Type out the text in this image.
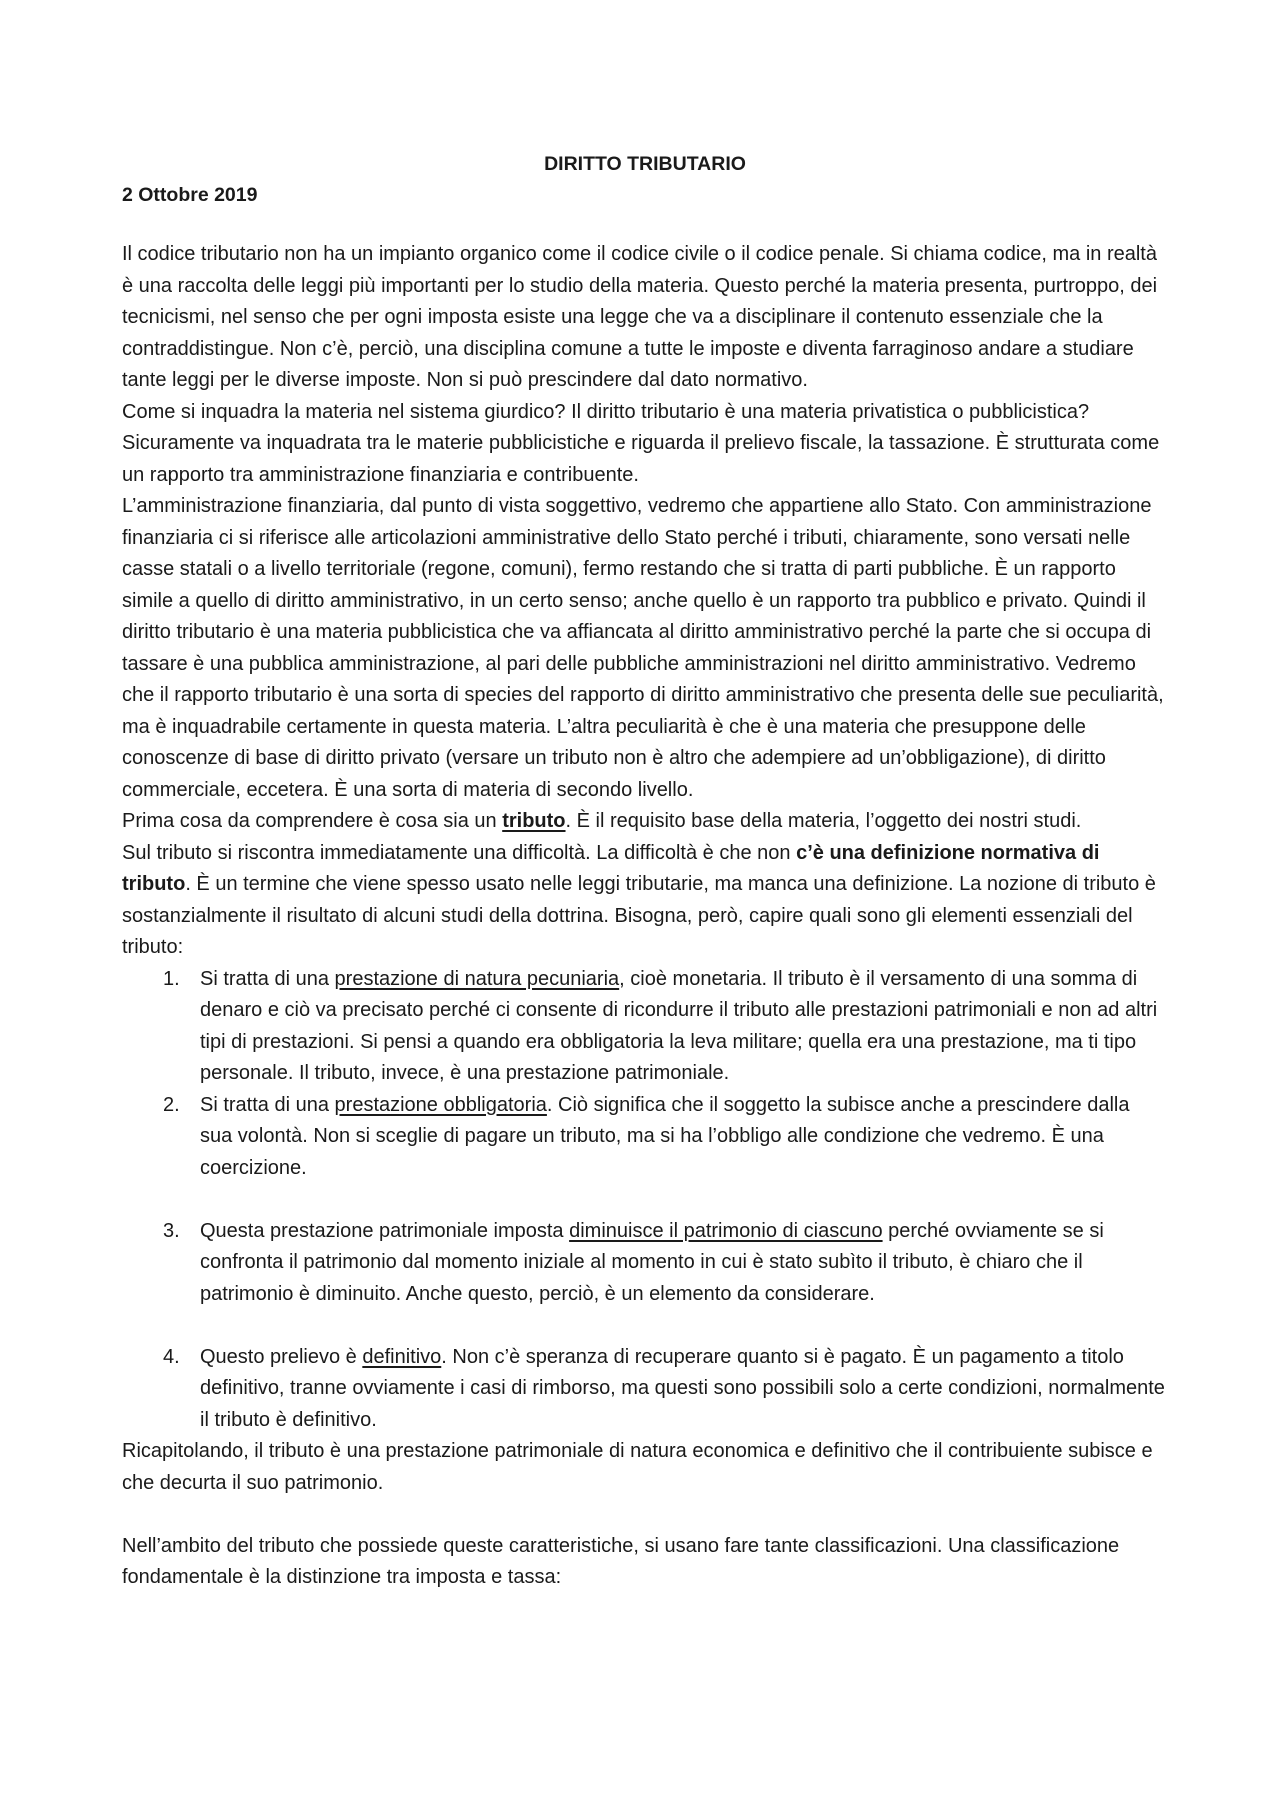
DIRITTO TRIBUTARIO
2 Ottobre 2019

Il codice tributario non ha un impianto organico come il codice civile o il codice penale. Si chiama codice, ma in realtà è una raccolta delle leggi più importanti per lo studio della materia. Questo perché la materia presenta, purtroppo, dei tecnicismi, nel senso che per ogni imposta esiste una legge che va a disciplinare il contenuto essenziale che la contraddistingue. Non c’è, perciò, una disciplina comune a tutte le imposte e diventa farraginoso andare a studiare tante leggi per le diverse imposte. Non si può prescindere dal dato normativo.

Come si inquadra la materia nel sistema giurdico? Il diritto tributario è una materia privatistica o pubblicistica? Sicuramente va inquadrata tra le materie pubblicistiche e riguarda il prelievo fiscale, la tassazione. È strutturata come un rapporto tra amministrazione finanziaria e contribuente.

L’amministrazione finanziaria, dal punto di vista soggettivo, vedremo che appartiene allo Stato. Con amministrazione finanziaria ci si riferisce alle articolazioni amministrative dello Stato perché i tributi, chiaramente, sono versati nelle casse statali o a livello territoriale (regone, comuni), fermo restando che si tratta di parti pubbliche. È un rapporto simile a quello di diritto amministrativo, in un certo senso; anche quello è un rapporto tra pubblico e privato. Quindi il diritto tributario è una materia pubblicistica che va affiancata al diritto amministrativo perché la parte che si occupa di tassare è una pubblica amministrazione, al pari delle pubbliche amministrazioni nel diritto amministrativo. Vedremo che il rapporto tributario è una sorta di species del rapporto di diritto amministrativo che presenta delle sue peculiarità, ma è inquadrabile certamente in questa materia. L’altra peculiarità è che è una materia che presuppone delle conoscenze di base di diritto privato (versare un tributo non è altro che adempiere ad un’obbligazione), di diritto commerciale, eccetera. È una sorta di materia di secondo livello.

Prima cosa da comprendere è cosa sia un tributo. È il requisito base della materia, l’oggetto dei nostri studi.

Sul tributo si riscontra immediatamente una difficoltà. La difficoltà è che non c’è una definizione normativa di tributo. È un termine che viene spesso usato nelle leggi tributarie, ma manca una definizione. La nozione di tributo è sostanzialmente il risultato di alcuni studi della dottrina. Bisogna, però, capire quali sono gli elementi essenziali del tributo:

1. Si tratta di una prestazione di natura pecuniaria, cioè monetaria. Il tributo è il versamento di una somma di denaro e ciò va precisato perché ci consente di ricondurre il tributo alle prestazioni patrimoniali e non ad altri tipi di prestazioni. Si pensi a quando era obbligatoria la leva militare; quella era una prestazione, ma ti tipo personale. Il tributo, invece, è una prestazione patrimoniale.
2. Si tratta di una prestazione obbligatoria. Ciò significa che il soggetto la subisce anche a prescindere dalla sua volontà. Non si sceglie di pagare un tributo, ma si ha l’obbligo alle condizione che vedremo. È una coercizione.
3. Questa prestazione patrimoniale imposta diminuisce il patrimonio di ciascuno perché ovviamente se si confronta il patrimonio dal momento iniziale al momento in cui è stato subìto il tributo, è chiaro che il patrimonio è diminuito. Anche questo, perciò, è un elemento da considerare.
4. Questo prelievo è definitivo. Non c’è speranza di recuperare quanto si è pagato. È un pagamento a titolo definitivo, tranne ovviamente i casi di rimborso, ma questi sono possibili solo a certe condizioni, normalmente il tributo è definitivo.

Ricapitolando, il tributo è una prestazione patrimoniale di natura economica e definitivo che il contribuiente subisce e che decurta il suo patrimonio.

Nell’ambito del tributo che possiede queste caratteristiche, si usano fare tante classificazioni. Una classificazione fondamentale è la distinzione tra imposta e tassa:
